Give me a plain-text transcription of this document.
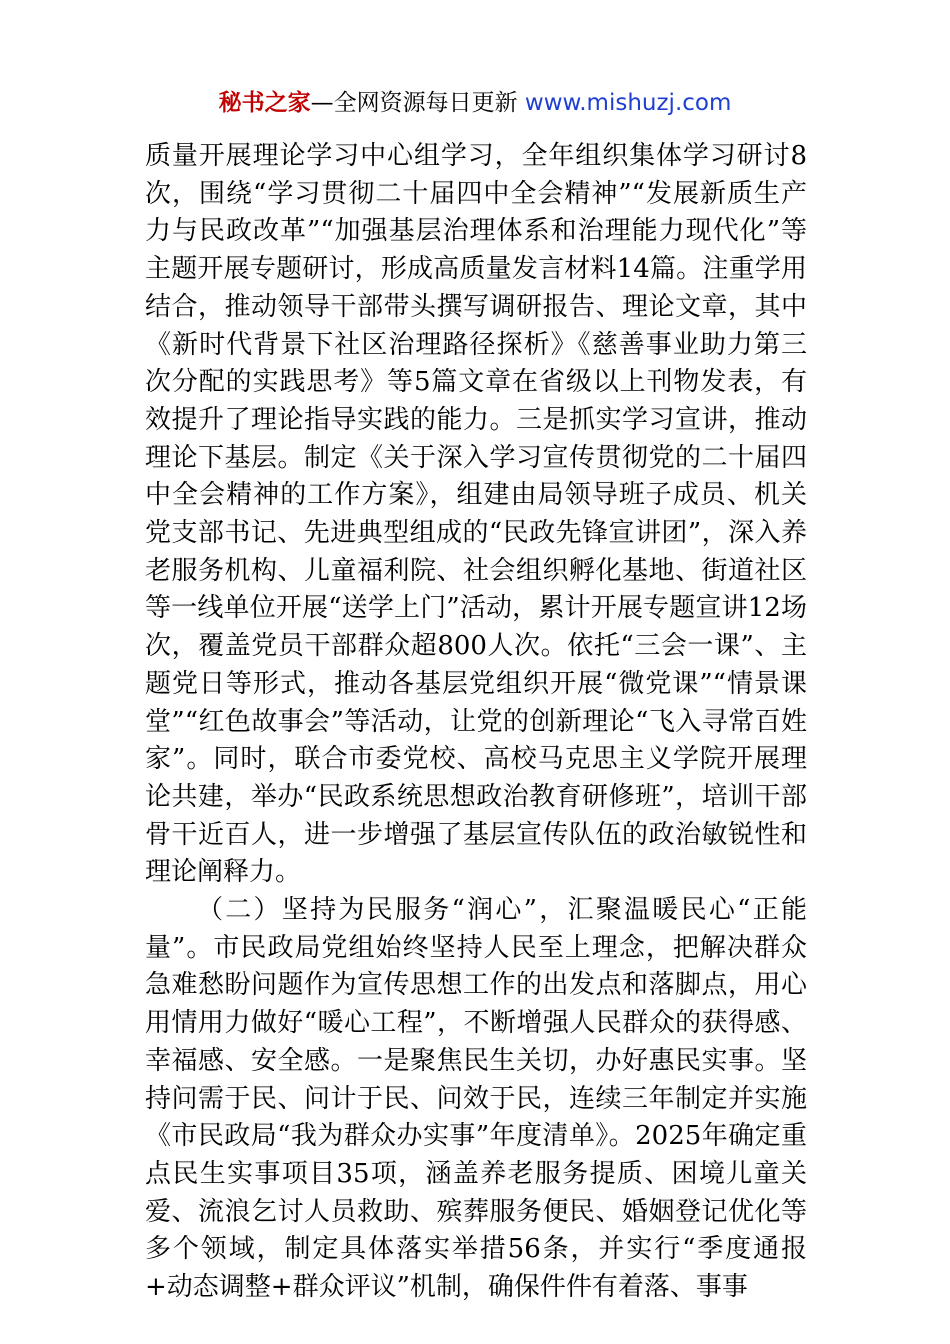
秘书之家—全网资源每日更新 www.mishuzj.com

质量开展理论学习中心组学习，全年组织集体学习研讨8次，围绕“学习贯彻二十届四中全会精神”“发展新质生产力与民政改革”“加强基层治理体系和治理能力现代化”等主题开展专题研讨，形成高质量发言材料14篇。注重学用结合，推动领导干部带头撰写调研报告、理论文章，其中《新时代背景下社区治理路径探析》《慈善事业助力第三次分配的实践思考》等5篇文章在省级以上刊物发表，有效提升了理论指导实践的能力。三是抓实学习宣讲，推动理论下基层。制定《关于深入学习宣传贯彻党的二十届四中全会精神的工作方案》，组建由局领导班子成员、机关党支部书记、先进典型组成的“民政先锋宣讲团”，深入养老服务机构、儿童福利院、社会组织孵化基地、街道社区等一线单位开展“送学上门”活动，累计开展专题宣讲12场次，覆盖党员干部群众超800人次。依托“三会一课”、主题党日等形式，推动各基层党组织开展“微党课”“情景课堂”“红色故事会”等活动，让党的创新理论“飞入寻常百姓家”。同时，联合市委党校、高校马克思主义学院开展理论共建，举办“民政系统思想政治教育研修班”，培训干部骨干近百人，进一步增强了基层宣传队伍的政治敏锐性和理论阐释力。

（二）坚持为民服务“润心”，汇聚温暖民心“正能量”。市民政局党组始终坚持人民至上理念，把解决群众急难愁盼问题作为宣传思想工作的出发点和落脚点，用心用情用力做好“暖心工程”，不断增强人民群众的获得感、幸福感、安全感。一是聚焦民生关切，办好惠民实事。坚持问需于民、问计于民、问效于民，连续三年制定并实施《市民政局“我为群众办实事”年度清单》。2025年确定重点民生实事项目35项，涵盖养老服务提质、困境儿童关爱、流浪乞讨人员救助、殡葬服务便民、婚姻登记优化等多个领域，制定具体落实举措56条，并实行“季度通报+动态调整+群众评议”机制，确保件件有着落、事事
